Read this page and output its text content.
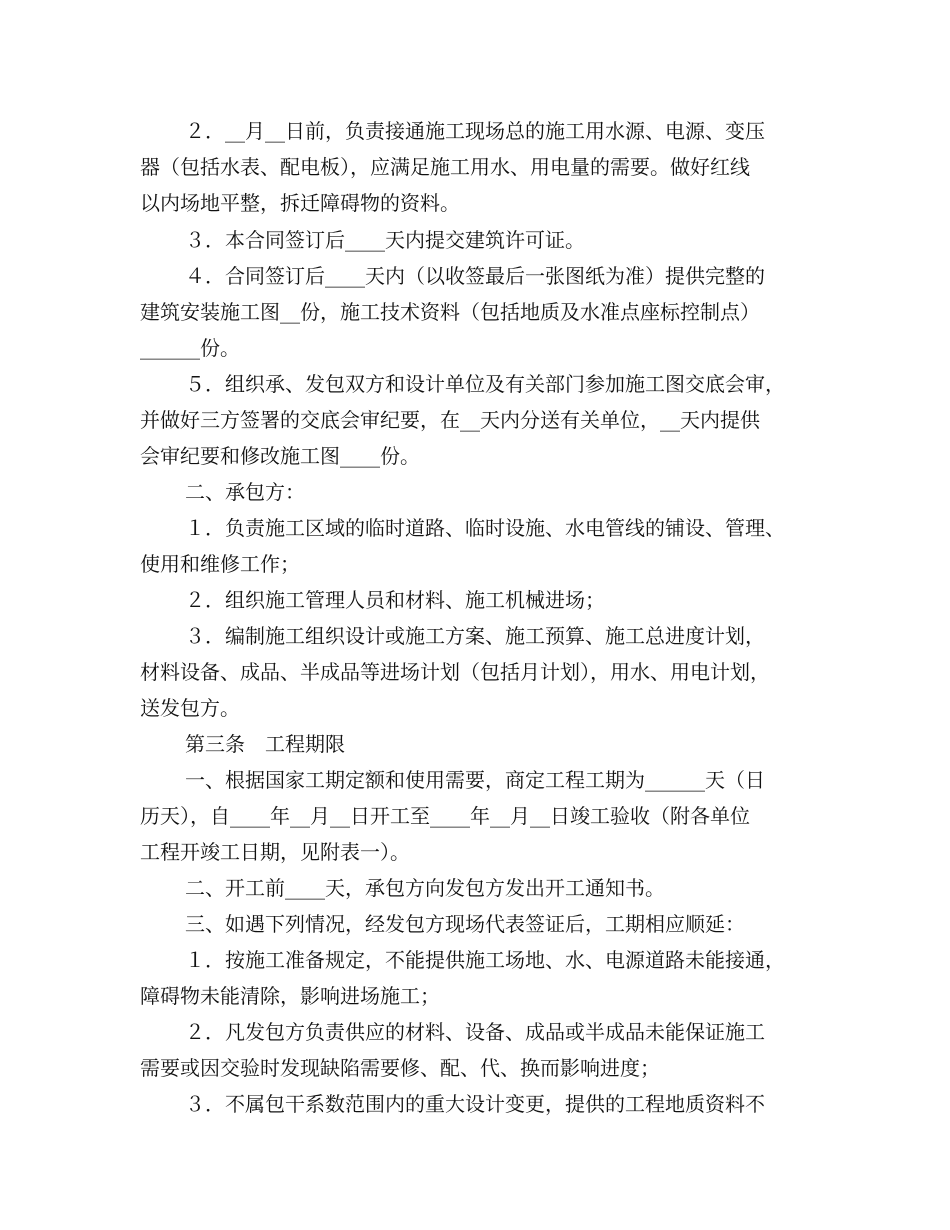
２．__月__日前，负责接通施工现场总的施工用水源、电源、变压
器（包括水表、配电板），应满足施工用水、用电量的需要。做好红线
以内场地平整，拆迁障碍物的资料。
３．本合同签订后____天内提交建筑许可证。
４．合同签订后____天内（以收签最后一张图纸为准）提供完整的
建筑安装施工图__份，施工技术资料（包括地质及水准点座标控制点）
______份。
５．组织承、发包双方和设计单位及有关部门参加施工图交底会审，
并做好三方签署的交底会审纪要，在__天内分送有关单位，__天内提供
会审纪要和修改施工图____份。
二、承包方：
１．负责施工区域的临时道路、临时设施、水电管线的铺设、管理、
使用和维修工作；
２．组织施工管理人员和材料、施工机械进场；
３．编制施工组织设计或施工方案、施工预算、施工总进度计划，
材料设备、成品、半成品等进场计划（包括月计划），用水、用电计划，
送发包方。
第三条　工程期限
一、根据国家工期定额和使用需要，商定工程工期为______天（日
历天），自____年__月__日开工至____年__月__日竣工验收（附各单位
工程开竣工日期，见附表一）。
二、开工前____天，承包方向发包方发出开工通知书。
三、如遇下列情况，经发包方现场代表签证后，工期相应顺延：
１．按施工准备规定，不能提供施工场地、水、电源道路未能接通，
障碍物未能清除，影响进场施工；
２．凡发包方负责供应的材料、设备、成品或半成品未能保证施工
需要或因交验时发现缺陷需要修、配、代、换而影响进度；
３．不属包干系数范围内的重大设计变更，提供的工程地质资料不
